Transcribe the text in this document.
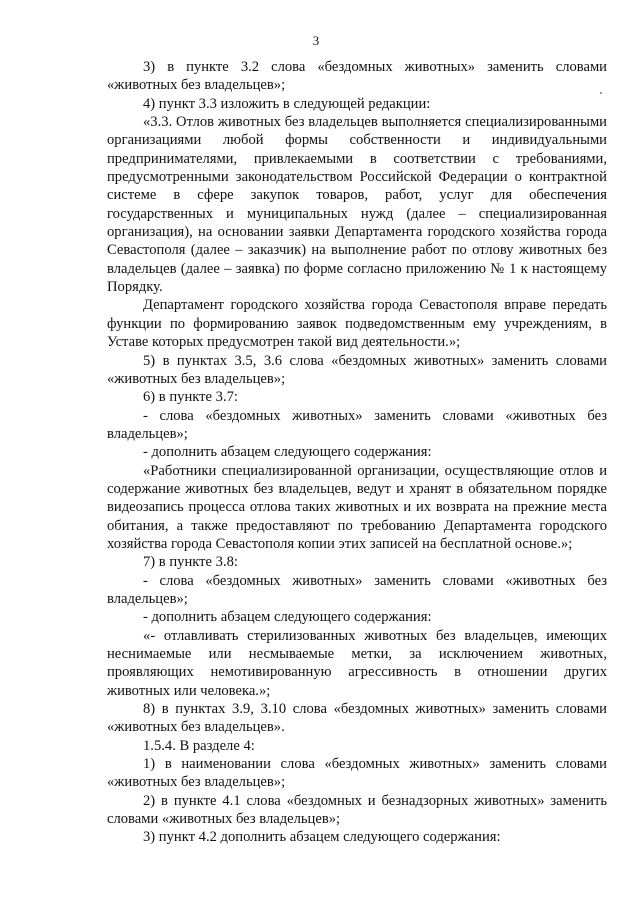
3

3) в пункте 3.2 слова «бездомных животных» заменить словами «животных без владельцев»;

4) пункт 3.3 изложить в следующей редакции:

«3.3. Отлов животных без владельцев выполняется специализированными организациями любой формы собственности и индивидуальными предпринимателями, привлекаемыми в соответствии с требованиями, предусмотренными законодательством Российской Федерации о контрактной системе в сфере закупок товаров, работ, услуг для обеспечения государственных и муниципальных нужд (далее – специализированная организация), на основании заявки Департамента городского хозяйства города Севастополя (далее – заказчик) на выполнение работ по отлову животных без владельцев (далее – заявка) по форме согласно приложению № 1 к настоящему Порядку.

Департамент городского хозяйства города Севастополя вправе передать функции по формированию заявок подведомственным ему учреждениям, в Уставе которых предусмотрен такой вид деятельности.»;

5) в пунктах 3.5, 3.6 слова «бездомных животных» заменить словами «животных без владельцев»;

6) в пункте 3.7:

- слова «бездомных животных» заменить словами «животных без владельцев»;

- дополнить абзацем следующего содержания:

«Работники специализированной организации, осуществляющие отлов и содержание животных без владельцев, ведут и хранят в обязательном порядке видеозапись процесса отлова таких животных и их возврата на прежние места обитания, а также предоставляют по требованию Департамента городского хозяйства города Севастополя копии этих записей на бесплатной основе.»;

7) в пункте 3.8:

- слова «бездомных животных» заменить словами «животных без владельцев»;

- дополнить абзацем следующего содержания:

«- отлавливать стерилизованных животных без владельцев, имеющих неснимаемые или несмываемые метки, за исключением животных, проявляющих немотивированную агрессивность в отношении других животных или человека.»;

8) в пунктах 3.9, 3.10 слова «бездомных животных» заменить словами «животных без владельцев».

1.5.4. В разделе 4:

1) в наименовании слова «бездомных животных» заменить словами «животных без владельцев»;

2) в пункте 4.1 слова «бездомных и безнадзорных животных» заменить словами «животных без владельцев»;

3) пункт 4.2 дополнить абзацем следующего содержания:
